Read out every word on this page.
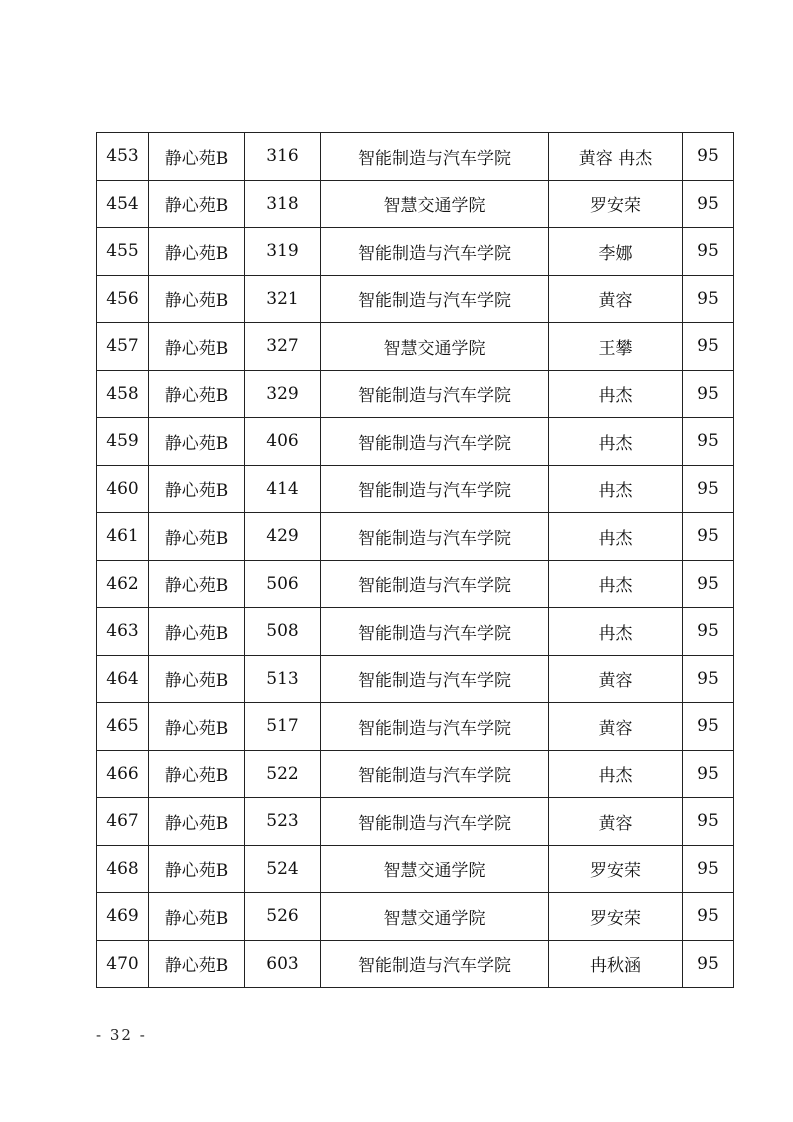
453	静心苑B	316	智能制造与汽车学院	黄容 冉杰	95
454	静心苑B	318	智慧交通学院	罗安荣	95
455	静心苑B	319	智能制造与汽车学院	李娜	95
456	静心苑B	321	智能制造与汽车学院	黄容	95
457	静心苑B	327	智慧交通学院	王攀	95
458	静心苑B	329	智能制造与汽车学院	冉杰	95
459	静心苑B	406	智能制造与汽车学院	冉杰	95
460	静心苑B	414	智能制造与汽车学院	冉杰	95
461	静心苑B	429	智能制造与汽车学院	冉杰	95
462	静心苑B	506	智能制造与汽车学院	冉杰	95
463	静心苑B	508	智能制造与汽车学院	冉杰	95
464	静心苑B	513	智能制造与汽车学院	黄容	95
465	静心苑B	517	智能制造与汽车学院	黄容	95
466	静心苑B	522	智能制造与汽车学院	冉杰	95
467	静心苑B	523	智能制造与汽车学院	黄容	95
468	静心苑B	524	智慧交通学院	罗安荣	95
469	静心苑B	526	智慧交通学院	罗安荣	95
470	静心苑B	603	智能制造与汽车学院	冉秋涵	95
- 32 -
